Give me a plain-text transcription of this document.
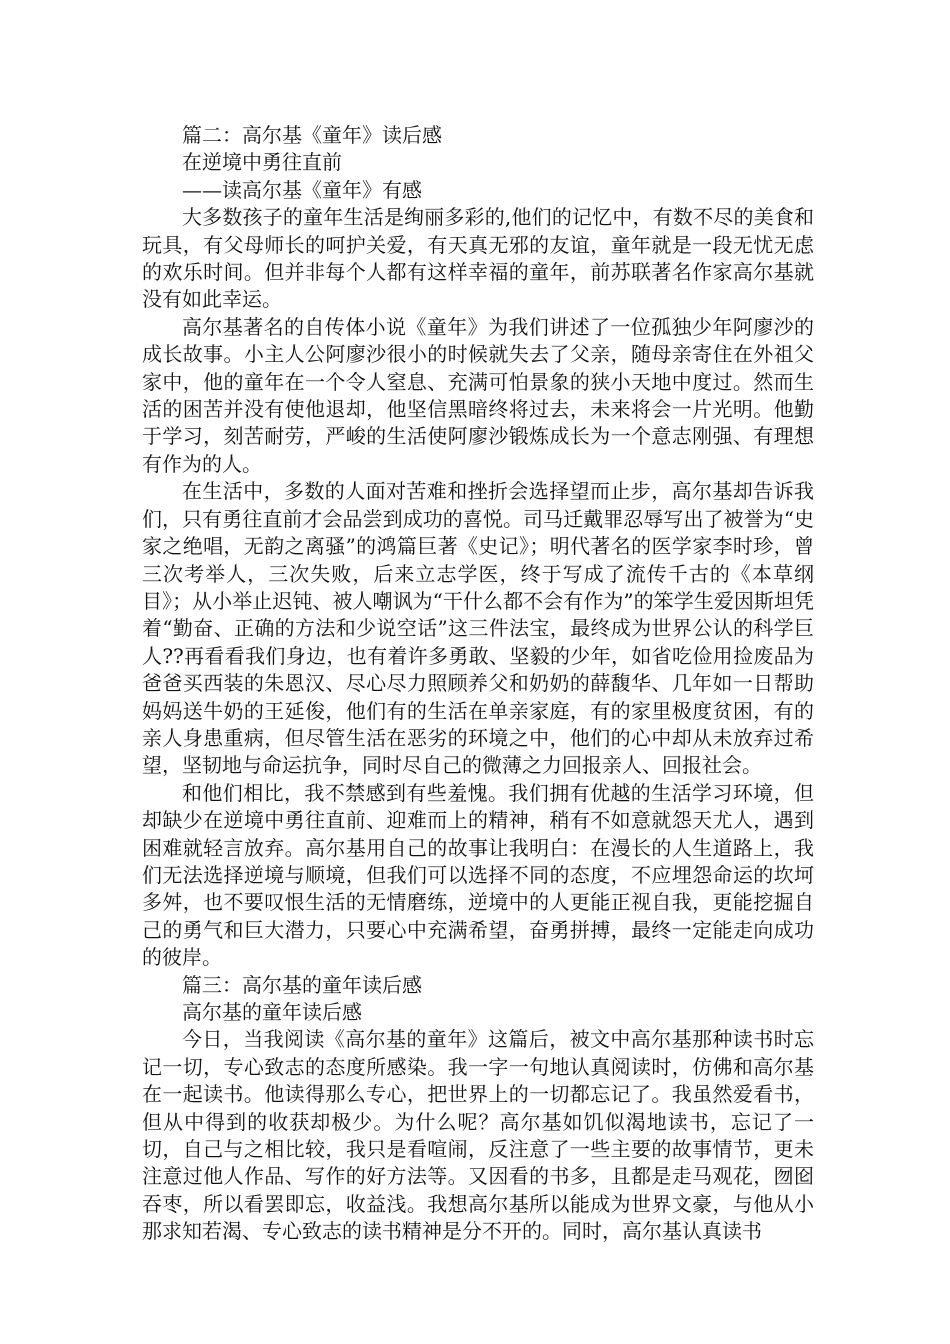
篇二：高尔基《童年》读后感

在逆境中勇往直前

——读高尔基《童年》有感

大多数孩子的童年生活是绚丽多彩的,他们的记忆中，有数不尽的美食和玩具，有父母师长的呵护关爱，有天真无邪的友谊，童年就是一段无忧无虑的欢乐时间。但并非每个人都有这样幸福的童年，前苏联著名作家高尔基就没有如此幸运。

高尔基著名的自传体小说《童年》为我们讲述了一位孤独少年阿廖沙的成长故事。小主人公阿廖沙很小的时候就失去了父亲，随母亲寄住在外祖父家中，他的童年在一个令人窒息、充满可怕景象的狭小天地中度过。然而生活的困苦并没有使他退却，他坚信黑暗终将过去，未来将会一片光明。他勤于学习，刻苦耐劳，严峻的生活使阿廖沙锻炼成长为一个意志刚强、有理想有作为的人。

在生活中，多数的人面对苦难和挫折会选择望而止步，高尔基却告诉我们，只有勇往直前才会品尝到成功的喜悦。司马迁戴罪忍辱写出了被誉为“史家之绝唱，无韵之离骚”的鸿篇巨著《史记》；明代著名的医学家李时珍，曾三次考举人，三次失败，后来立志学医，终于写成了流传千古的《本草纲目》；从小举止迟钝、被人嘲讽为“干什么都不会有作为”的笨学生爱因斯坦凭着“勤奋、正确的方法和少说空话”这三件法宝，最终成为世界公认的科学巨人??再看看我们身边，也有着许多勇敢、坚毅的少年，如省吃俭用捡废品为爸爸买西装的朱恩汉、尽心尽力照顾养父和奶奶的薛馥华、几年如一日帮助妈妈送牛奶的王延俊，他们有的生活在单亲家庭，有的家里极度贫困，有的亲人身患重病，但尽管生活在恶劣的环境之中，他们的心中却从未放弃过希望，坚韧地与命运抗争，同时尽自己的微薄之力回报亲人、回报社会。

和他们相比，我不禁感到有些羞愧。我们拥有优越的生活学习环境，但却缺少在逆境中勇往直前、迎难而上的精神，稍有不如意就怨天尤人，遇到困难就轻言放弃。高尔基用自己的故事让我明白：在漫长的人生道路上，我们无法选择逆境与顺境，但我们可以选择不同的态度，不应埋怨命运的坎坷多舛，也不要叹恨生活的无情磨练，逆境中的人更能正视自我，更能挖掘自己的勇气和巨大潜力，只要心中充满希望，奋勇拼搏，最终一定能走向成功的彼岸。

篇三：高尔基的童年读后感

高尔基的童年读后感

今日，当我阅读《高尔基的童年》这篇后，被文中高尔基那种读书时忘记一切，专心致志的态度所感染。我一字一句地认真阅读时，仿佛和高尔基在一起读书。他读得那么专心，把世界上的一切都忘记了。我虽然爱看书，但从中得到的收获却极少。为什么呢？高尔基如饥似渴地读书，忘记了一切，自己与之相比较，我只是看喧闹，反注意了一些主要的故事情节，更未注意过他人作品、写作的好方法等。又因看的书多，且都是走马观花，囫囵吞枣，所以看罢即忘，收益浅。我想高尔基所以能成为世界文豪，与他从小那求知若渴、专心致志的读书精神是分不开的。同时，高尔基认真读书
